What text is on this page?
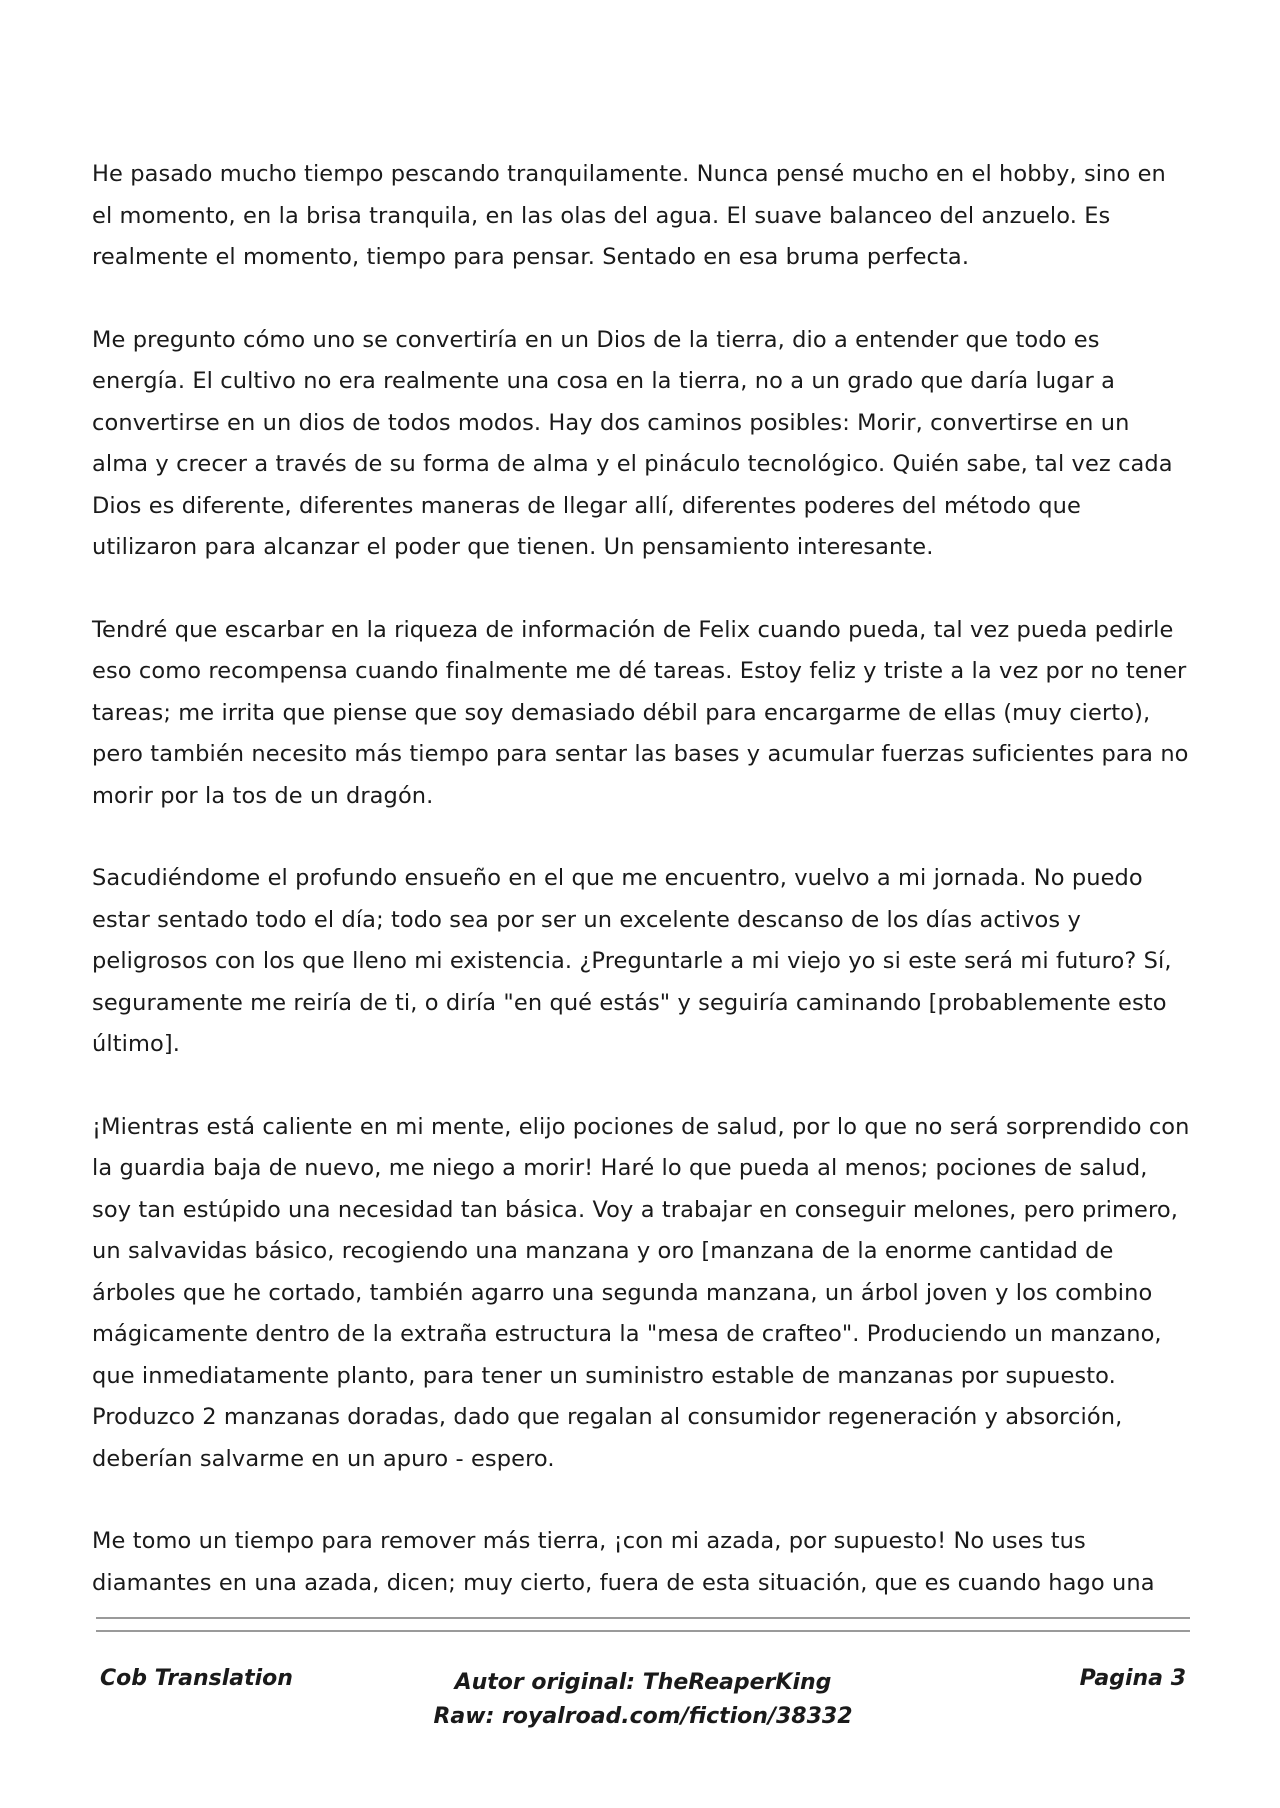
He pasado mucho tiempo pescando tranquilamente. Nunca pensé mucho en el hobby, sino en el momento, en la brisa tranquila, en las olas del agua. El suave balanceo del anzuelo. Es realmente el momento, tiempo para pensar. Sentado en esa bruma perfecta.

Me pregunto cómo uno se convertiría en un Dios de la tierra, dio a entender que todo es energía. El cultivo no era realmente una cosa en la tierra, no a un grado que daría lugar a convertirse en un dios de todos modos. Hay dos caminos posibles: Morir, convertirse en un alma y crecer a través de su forma de alma y el pináculo tecnológico. Quién sabe, tal vez cada Dios es diferente, diferentes maneras de llegar allí, diferentes poderes del método que utilizaron para alcanzar el poder que tienen. Un pensamiento interesante.

Tendré que escarbar en la riqueza de información de Felix cuando pueda, tal vez pueda pedirle eso como recompensa cuando finalmente me dé tareas. Estoy feliz y triste a la vez por no tener tareas; me irrita que piense que soy demasiado débil para encargarme de ellas (muy cierto), pero también necesito más tiempo para sentar las bases y acumular fuerzas suficientes para no morir por la tos de un dragón.

Sacudiéndome el profundo ensueño en el que me encuentro, vuelvo a mi jornada. No puedo estar sentado todo el día; todo sea por ser un excelente descanso de los días activos y peligrosos con los que lleno mi existencia. ¿Preguntarle a mi viejo yo si este será mi futuro? Sí, seguramente me reiría de ti, o diría "en qué estás" y seguiría caminando [probablemente esto último].

¡Mientras está caliente en mi mente, elijo pociones de salud, por lo que no será sorprendido con la guardia baja de nuevo, me niego a morir! Haré lo que pueda al menos; pociones de salud, soy tan estúpido una necesidad tan básica. Voy a trabajar en conseguir melones, pero primero, un salvavidas básico, recogiendo una manzana y oro [manzana de la enorme cantidad de árboles que he cortado, también agarro una segunda manzana, un árbol joven y los combino mágicamente dentro de la extraña estructura la "mesa de crafteo". Produciendo un manzano, que inmediatamente planto, para tener un suministro estable de manzanas por supuesto. Produzco 2 manzanas doradas, dado que regalan al consumidor regeneración y absorción, deberían salvarme en un apuro - espero.

Me tomo un tiempo para remover más tierra, ¡con mi azada, por supuesto! No uses tus diamantes en una azada, dicen; muy cierto, fuera de esta situación, que es cuando hago una

Cob Translation	Autor original: TheReaperKing
Raw: royalroad.com/fiction/38332
Pagina 3
